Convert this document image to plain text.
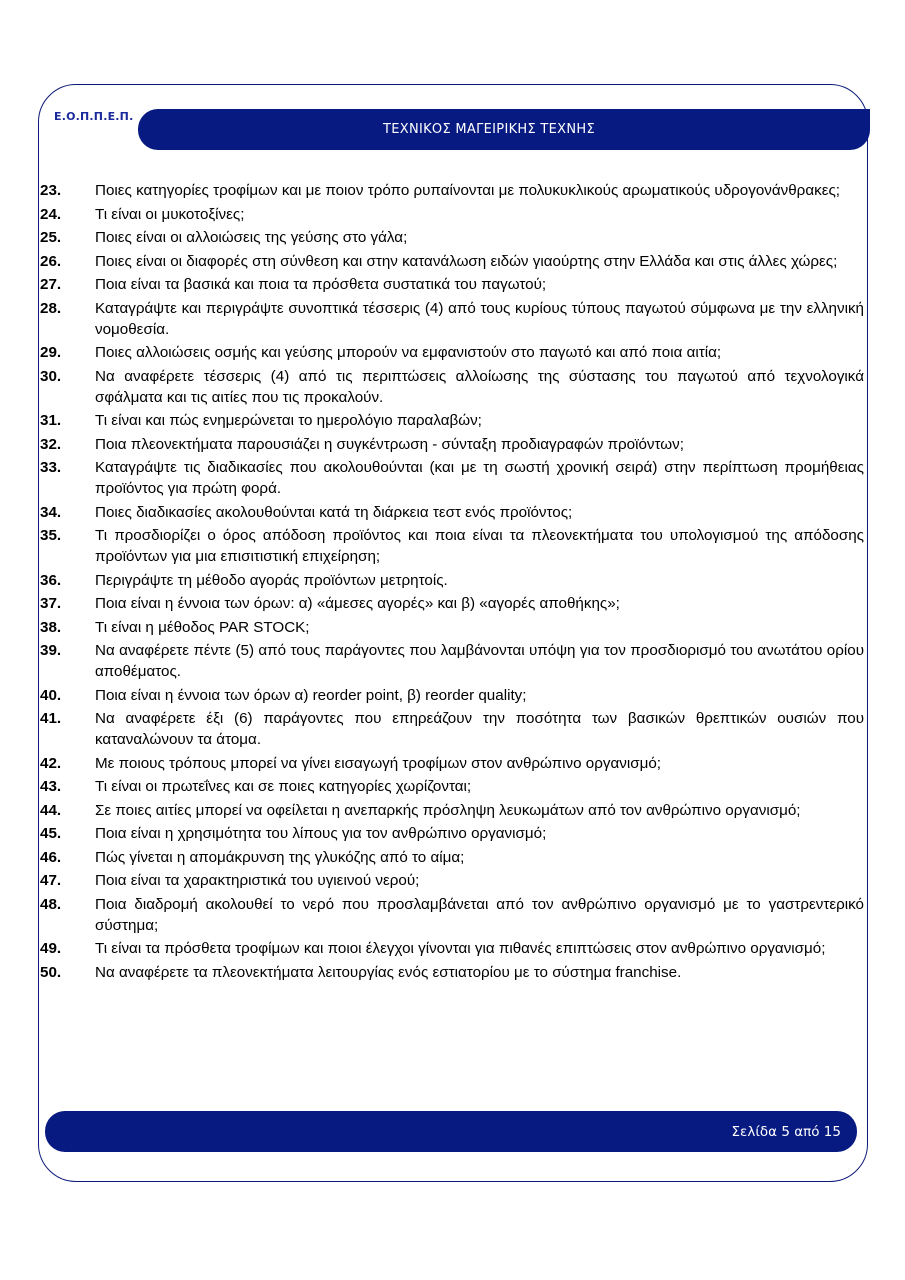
Ε.Ο.Π.Π.Ε.Π.
ΤΕΧΝΙΚΟΣ ΜΑΓΕΙΡΙΚΗΣ ΤΕΧΝΗΣ
23.	Ποιες κατηγορίες τροφίμων και με ποιον τρόπο ρυπαίνονται με πολυκυκλικούς αρωματικούς υδρογονάνθρακες;
24.	Τι είναι οι μυκοτοξίνες;
25.	Ποιες είναι οι αλλοιώσεις της γεύσης στο γάλα;
26.	Ποιες είναι οι διαφορές στη σύνθεση και στην κατανάλωση ειδών γιαούρτης στην Ελλάδα και στις άλλες χώρες;
27.	Ποια είναι τα βασικά και ποια τα πρόσθετα συστατικά του παγωτού;
28.	Καταγράψτε και περιγράψτε συνοπτικά τέσσερις (4) από τους κυρίους τύπους παγωτού σύμφωνα με την ελληνική νομοθεσία.
29.	Ποιες αλλοιώσεις οσμής και γεύσης μπορούν να εμφανιστούν στο παγωτό και από ποια αιτία;
30.	Να αναφέρετε τέσσερις (4) από τις περιπτώσεις αλλοίωσης της σύστασης του παγωτού από τεχνολογικά σφάλματα και τις αιτίες που τις προκαλούν.
31.	Τι είναι και πώς ενημερώνεται το ημερολόγιο παραλαβών;
32.	Ποια πλεονεκτήματα παρουσιάζει η συγκέντρωση - σύνταξη προδιαγραφών προϊόντων;
33.	Καταγράψτε τις διαδικασίες που ακολουθούνται (και με τη σωστή χρονική σειρά) στην περίπτωση προμήθειας προϊόντος για πρώτη φορά.
34.	Ποιες διαδικασίες ακολουθούνται κατά τη διάρκεια τεστ ενός προϊόντος;
35.	Τι προσδιορίζει ο όρος απόδοση προϊόντος και ποια είναι τα πλεονεκτήματα του υπολογισμού της απόδοσης προϊόντων για μια επισιτιστική επιχείρηση;
36.	Περιγράψτε τη μέθοδο αγοράς προϊόντων μετρητοίς.
37.	Ποια είναι η έννοια των όρων: α) «άμεσες αγορές» και β) «αγορές αποθήκης»;
38.	Τι είναι η μέθοδος PAR STOCK;
39.	Να αναφέρετε πέντε (5) από τους παράγοντες που λαμβάνονται υπόψη για τον προσδιορισμό του ανωτάτου ορίου αποθέματος.
40.	Ποια είναι η έννοια των όρων α) reorder point, β) reorder quality;
41.	Να αναφέρετε έξι (6) παράγοντες που επηρεάζουν την ποσότητα των βασικών θρεπτικών ουσιών που καταναλώνουν τα άτομα.
42.	Με ποιους τρόπους μπορεί να γίνει εισαγωγή τροφίμων στον ανθρώπινο οργανισμό;
43.	Τι είναι οι πρωτεΐνες και σε ποιες κατηγορίες χωρίζονται;
44.	Σε ποιες αιτίες μπορεί να οφείλεται η ανεπαρκής πρόσληψη λευκωμάτων από τον ανθρώπινο οργανισμό;
45.	Ποια είναι η χρησιμότητα του λίπους για τον ανθρώπινο οργανισμό;
46.	Πώς γίνεται η απομάκρυνση της γλυκόζης από το αίμα;
47.	Ποια είναι τα χαρακτηριστικά του υγιεινού νερού;
48.	Ποια διαδρομή ακολουθεί το νερό που προσλαμβάνεται από τον ανθρώπινο οργανισμό με το γαστρεντερικό σύστημα;
49.	Τι είναι τα πρόσθετα τροφίμων και ποιοι έλεγχοι γίνονται για πιθανές επιπτώσεις στον ανθρώπινο οργανισμό;
50.	Να αναφέρετε τα πλεονεκτήματα λειτουργίας ενός εστιατορίου με το σύστημα franchise.
Σελίδα 5 από 15
